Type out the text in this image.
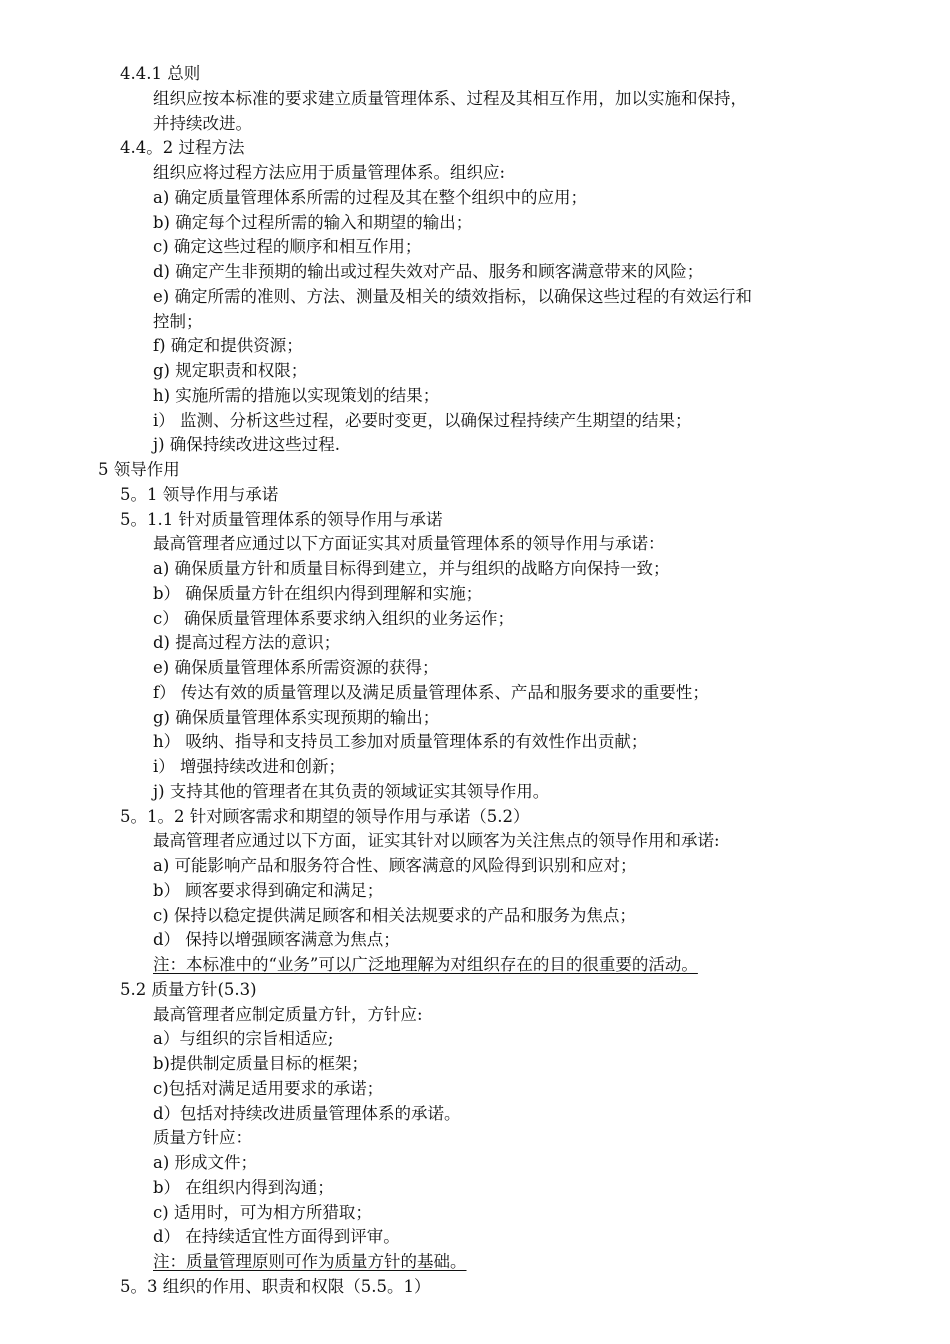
4.4.1 总则
组织应按本标准的要求建立质量管理体系、过程及其相互作用，加以实施和保持，
并持续改进。
4.4。2 过程方法
组织应将过程方法应用于质量管理体系。组织应:
a) 确定质量管理体系所需的过程及其在整个组织中的应用；
b) 确定每个过程所需的输入和期望的输出；
c) 确定这些过程的顺序和相互作用；
d) 确定产生非预期的输出或过程失效对产品、服务和顾客满意带来的风险；
e) 确定所需的准则、方法、测量及相关的绩效指标，以确保这些过程的有效运行和
控制；
f) 确定和提供资源；
g) 规定职责和权限；
h) 实施所需的措施以实现策划的结果；
i） 监测、分析这些过程，必要时变更，以确保过程持续产生期望的结果；
j) 确保持续改进这些过程.
5 领导作用
5。1 领导作用与承诺
5。1.1 针对质量管理体系的领导作用与承诺
最高管理者应通过以下方面证实其对质量管理体系的领导作用与承诺：
a) 确保质量方针和质量目标得到建立，并与组织的战略方向保持一致；
b） 确保质量方针在组织内得到理解和实施；
c） 确保质量管理体系要求纳入组织的业务运作；
d) 提高过程方法的意识；
e) 确保质量管理体系所需资源的获得；
f） 传达有效的质量管理以及满足质量管理体系、产品和服务要求的重要性；
g) 确保质量管理体系实现预期的输出；
h） 吸纳、指导和支持员工参加对质量管理体系的有效性作出贡献；
i） 增强持续改进和创新；
j) 支持其他的管理者在其负责的领域证实其领导作用。
5。1。2 针对顾客需求和期望的领导作用与承诺（5.2）
最高管理者应通过以下方面，证实其针对以顾客为关注焦点的领导作用和承诺:
a) 可能影响产品和服务符合性、顾客满意的风险得到识别和应对；
b） 顾客要求得到确定和满足；
c) 保持以稳定提供满足顾客和相关法规要求的产品和服务为焦点；
d） 保持以增强顾客满意为焦点；
注：本标准中的“业务”可以广泛地理解为对组织存在的目的很重要的活动。
5.2 质量方针(5.3)
最高管理者应制定质量方针，方针应:
a）与组织的宗旨相适应;
b)提供制定质量目标的框架；
c)包括对满足适用要求的承诺；
d）包括对持续改进质量管理体系的承诺。
质量方针应：
a) 形成文件；
b） 在组织内得到沟通；
c) 适用时，可为相方所猎取；
d） 在持续适宜性方面得到评审。
注：质量管理原则可作为质量方针的基础。
5。3 组织的作用、职责和权限（5.5。1）
